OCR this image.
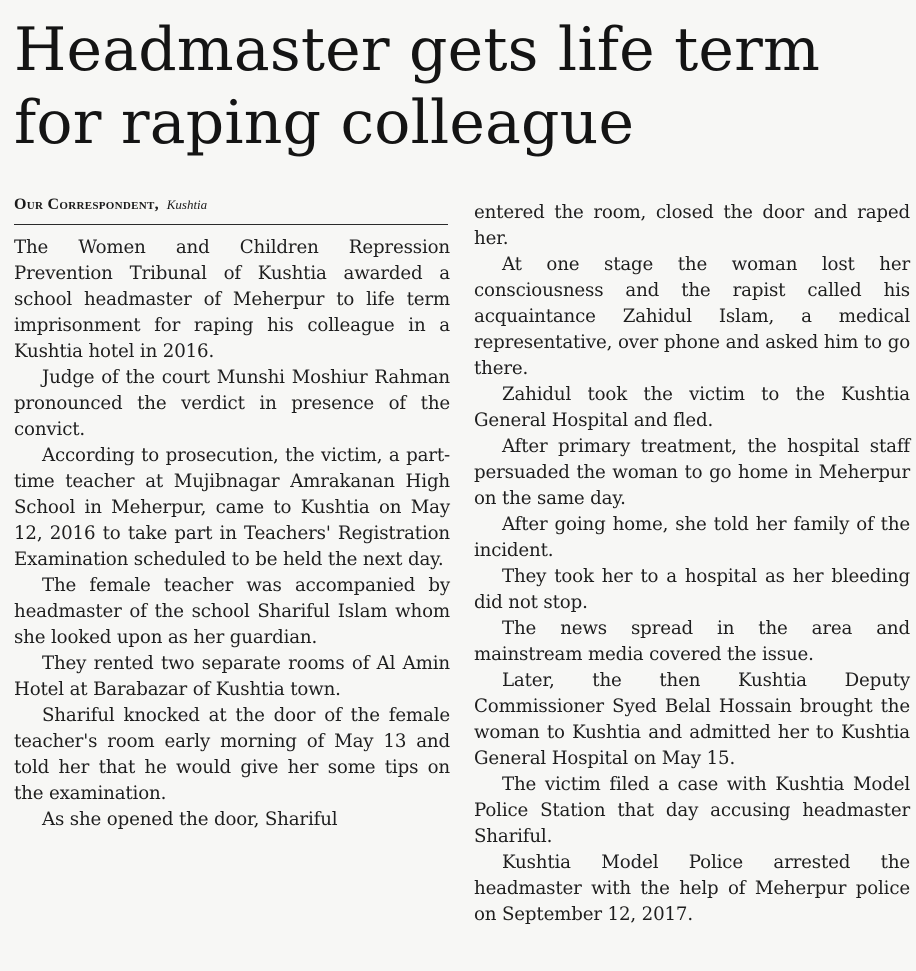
Headmaster gets life term for raping colleague
Our Correspondent, Kushtia

The Women and Children Repression Prevention Tribunal of Kushtia awarded a school headmaster of Meherpur to life term imprisonment for raping his colleague in a Kushtia hotel in 2016.

Judge of the court Munshi Moshiur Rahman pronounced the verdict in presence of the convict.

According to prosecution, the victim, a part-time teacher at Mujibnagar Amrakanan High School in Meherpur, came to Kushtia on May 12, 2016 to take part in Teachers' Registration Examination scheduled to be held the next day.

The female teacher was accompanied by headmaster of the school Shariful Islam whom she looked upon as her guardian.

They rented two separate rooms of Al Amin Hotel at Barabazar of Kushtia town.

Shariful knocked at the door of the female teacher's room early morning of May 13 and told her that he would give her some tips on the examination.

As she opened the door, Shariful

entered the room, closed the door and raped her.

At one stage the woman lost her consciousness and the rapist called his acquaintance Zahidul Islam, a medical representative, over phone and asked him to go there.

Zahidul took the victim to the Kushtia General Hospital and fled.

After primary treatment, the hospital staff persuaded the woman to go home in Meherpur on the same day.

After going home, she told her family of the incident.

They took her to a hospital as her bleeding did not stop.

The news spread in the area and mainstream media covered the issue.

Later, the then Kushtia Deputy Commissioner Syed Belal Hossain brought the woman to Kushtia and admitted her to Kushtia General Hospital on May 15.

The victim filed a case with Kushtia Model Police Station that day accusing headmaster Shariful.

Kushtia Model Police arrested the headmaster with the help of Meherpur police on September 12, 2017.
